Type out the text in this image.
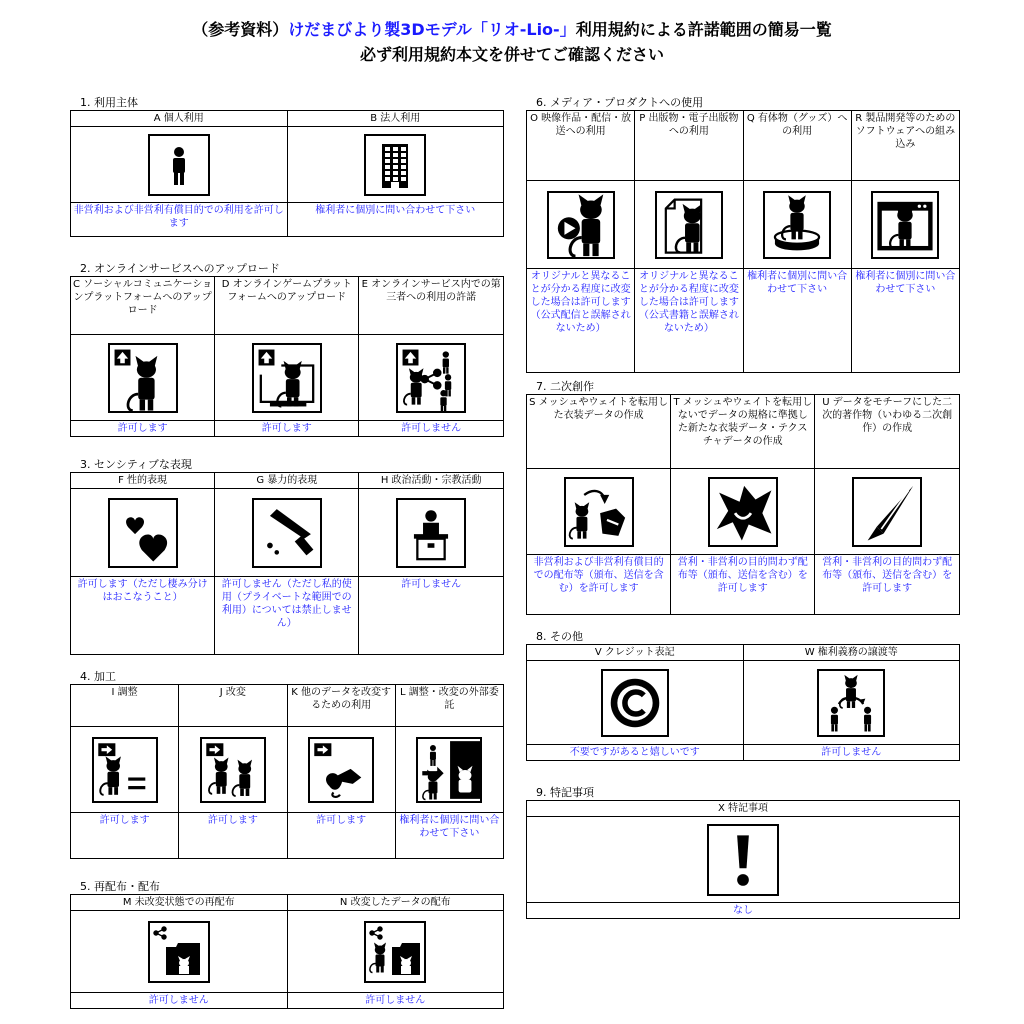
（参考資料）けだまびより製3Dモデル「リオ-Lio-」利用規約による許諾範囲の簡易一覧
必ず利用規約本文を併せてご確認ください
1. 利用主体
A 個人利用	B 法人利用

非営利および非営利有償目的での利用を許可します	権利者に個別に問い合わせて下さい
2. オンラインサービスへのアップロード
C ソーシャルコミュニケーションプラットフォームへのアップロード	D オンラインゲームプラットフォームへのアップロード	E オンラインサービス内での第三者への利用の許諾

許可します	許可します	許可しません
3. センシティブな表現
F 性的表現	G 暴力的表現	H 政治活動・宗教活動

許可します（ただし棲み分けはおこなうこと）	許可しません（ただし私的使用（プライベートな範囲での利用）については禁止しません）	許可しません
4. 加工
I 調整	J 改変	K 他のデータを改変するための利用	L 調整・改変の外部委託

許可します	許可します	許可します	権利者に個別に問い合わせて下さい
5. 再配布・配布
M 未改変状態での再配布	N 改変したデータの配布

許可しません	許可しません
6. メディア・プロダクトへの使用
O 映像作品・配信・放送への利用	P 出版物・電子出版物への利用	Q 有体物（グッズ）への利用	R 製品開発等のためのソフトウェアへの組み込み

オリジナルと異なることが分かる程度に改変した場合は許可します（公式配信と誤解されないため）	オリジナルと異なることが分かる程度に改変した場合は許可します（公式書籍と誤解されないため）	権利者に個別に問い合わせて下さい	権利者に個別に問い合わせて下さい
7. 二次創作
S メッシュやウェイトを転用した衣装データの作成	T メッシュやウェイトを転用しないでデータの規格に準拠した新たな衣装データ・テクスチャデータの作成	U データをモチーフにした二次的著作物（いわゆる二次創作）の作成

非営利および非営利有償目的での配布等（頒布、送信を含む）を許可します	営利・非営利の目的問わず配布等（頒布、送信を含む）を許可します	営利・非営利の目的問わず配布等（頒布、送信を含む）を許可します
8. その他
V クレジット表記	W 権利義務の譲渡等

不要ですがあると嬉しいです	許可しません
9. 特記事項
X 特記事項

なし
